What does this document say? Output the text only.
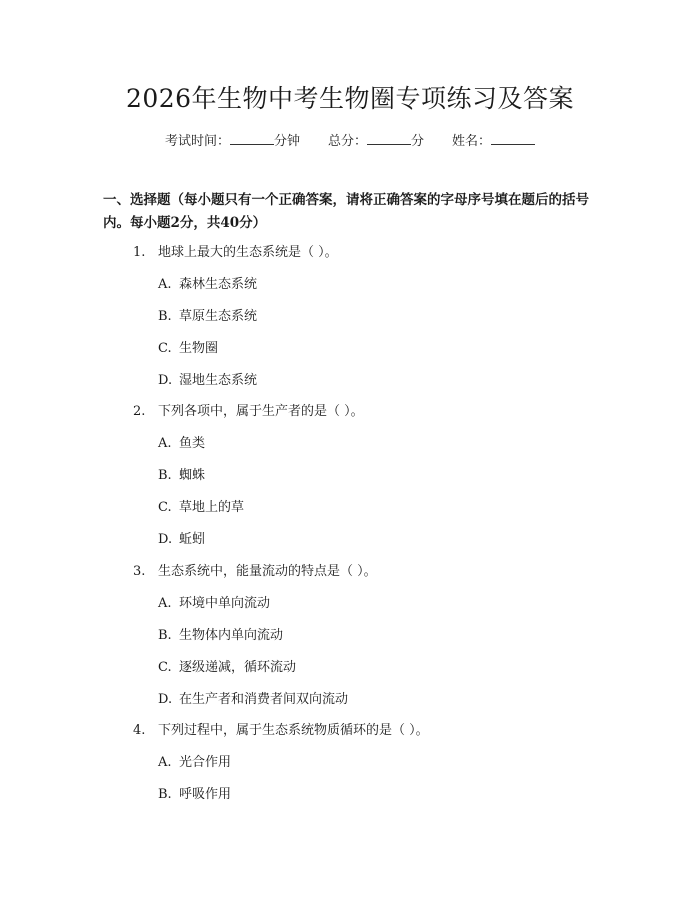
2026年生物中考生物圈专项练习及答案
考试时间：	分钟 总分：	分 姓名：

一、选择题（每小题只有一个正确答案，请将正确答案的字母序号填在题后的括号内。每小题2分，共40分）

1. 地球上最大的生态系统是（ ）。
A. 森林生态系统
B. 草原生态系统
C. 生物圈
D. 湿地生态系统
2. 下列各项中，属于生产者的是（ ）。
A. 鱼类
B. 蜘蛛
C. 草地上的草
D. 蚯蚓
3. 生态系统中，能量流动的特点是（ ）。
A. 环境中单向流动
B. 生物体内单向流动
C. 逐级递减，循环流动
D. 在生产者和消费者间双向流动
4. 下列过程中，属于生态系统物质循环的是（ ）。
A. 光合作用
B. 呼吸作用
